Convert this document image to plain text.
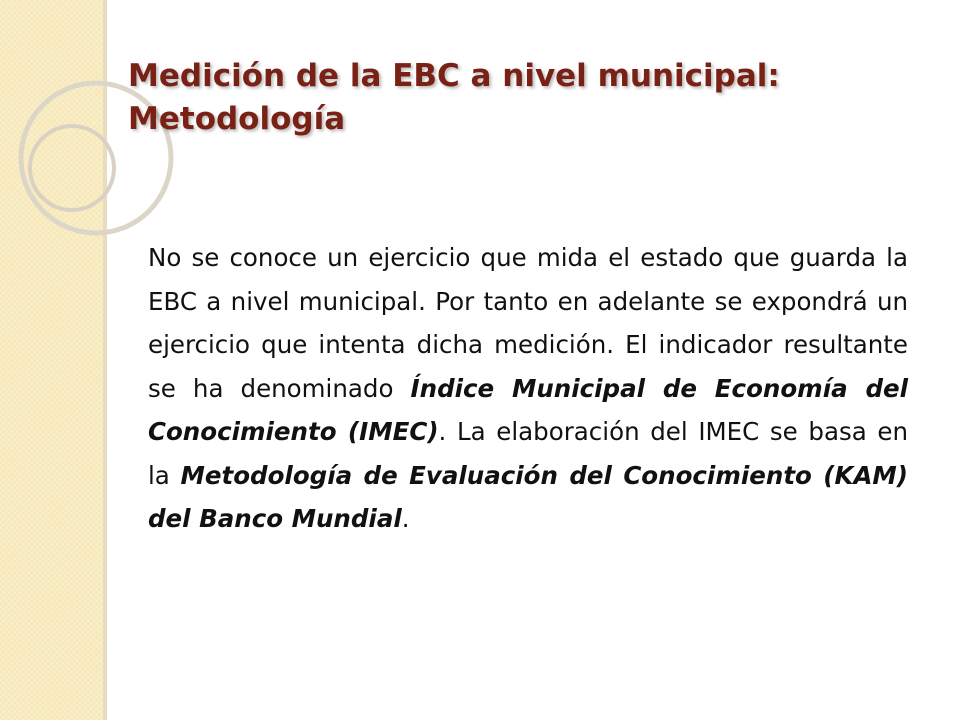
Medición de la EBC a nivel municipal:
Metodología

No se conoce un ejercicio que mida el estado que guarda la EBC a nivel municipal. Por tanto en adelante se expondrá un ejercicio que intenta dicha medición. El indicador resultante se ha denominado Índice Municipal de Economía del Conocimiento (IMEC). La elaboración del IMEC se basa en la Metodología de Evaluación del Conocimiento (KAM) del Banco Mundial.
